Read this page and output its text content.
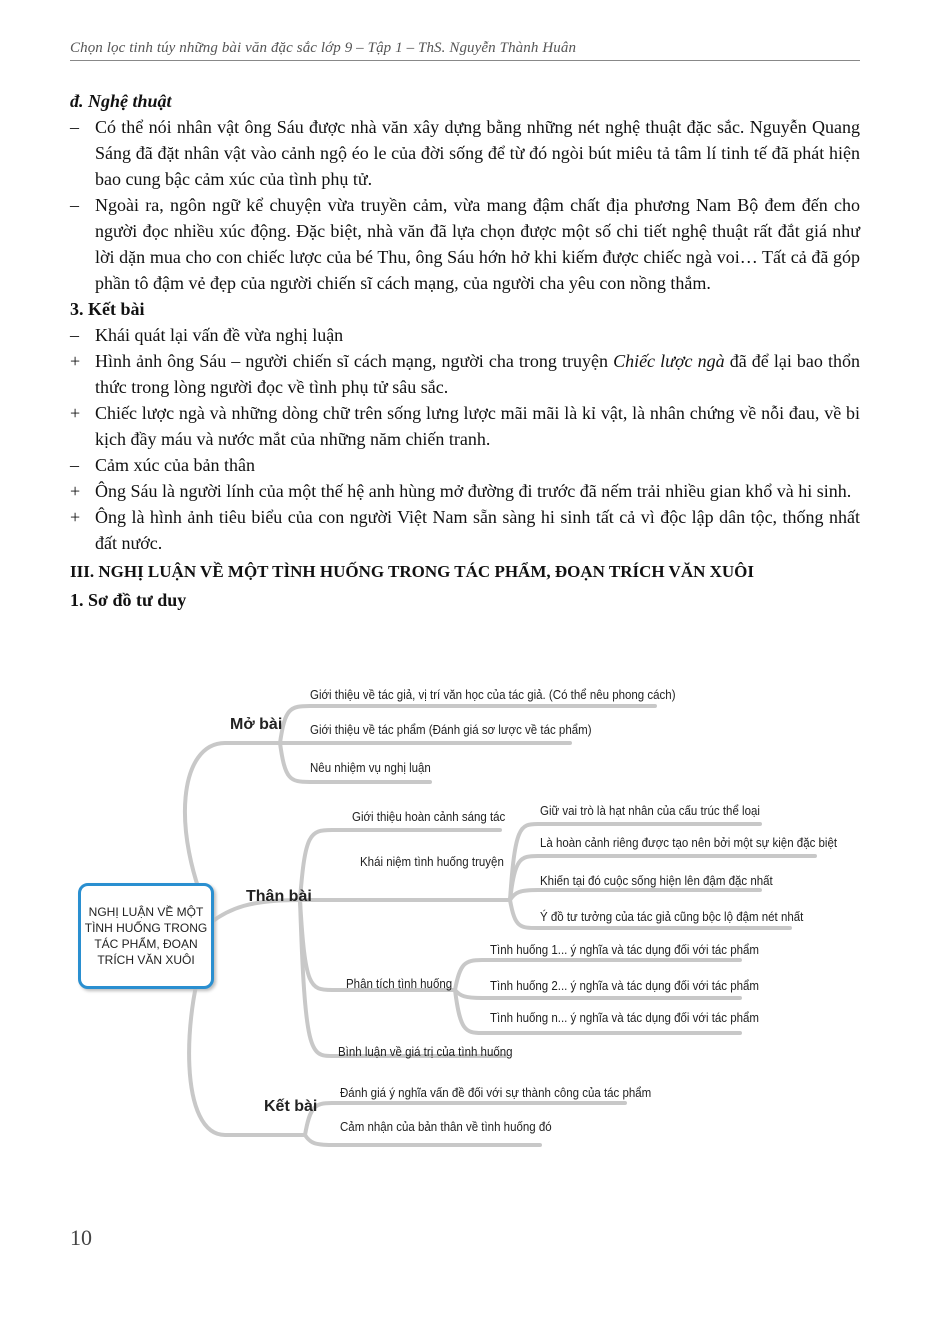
Chọn lọc tinh túy những bài văn đặc sắc lớp 9 – Tập 1 – ThS. Nguyễn Thành Huân

đ. Nghệ thuật

– Có thể nói nhân vật ông Sáu được nhà văn xây dựng bằng những nét nghệ thuật đặc sắc. Nguyễn Quang Sáng đã đặt nhân vật vào cảnh ngộ éo le của đời sống để từ đó ngòi bút miêu tả tâm lí tinh tế đã phát hiện bao cung bậc cảm xúc của tình phụ tử.

– Ngoài ra, ngôn ngữ kể chuyện vừa truyền cảm, vừa mang đậm chất địa phương Nam Bộ đem đến cho người đọc nhiều xúc động. Đặc biệt, nhà văn đã lựa chọn được một số chi tiết nghệ thuật rất đắt giá như lời dặn mua cho con chiếc lược của bé Thu, ông Sáu hớn hở khi kiếm được chiếc ngà voi… Tất cả đã góp phần tô đậm vẻ đẹp của người chiến sĩ cách mạng, của người cha yêu con nồng thắm.

3. Kết bài

– Khái quát lại vấn đề vừa nghị luận

+ Hình ảnh ông Sáu – người chiến sĩ cách mạng, người cha trong truyện Chiếc lược ngà đã để lại bao thổn thức trong lòng người đọc về tình phụ tử sâu sắc.

+ Chiếc lược ngà và những dòng chữ trên sống lưng lược mãi mãi là kỉ vật, là nhân chứng về nỗi đau, về bi kịch đầy máu và nước mắt của những năm chiến tranh.

– Cảm xúc của bản thân

+ Ông Sáu là người lính của một thế hệ anh hùng mở đường đi trước đã nếm trải nhiều gian khổ và hi sinh.

+ Ông là hình ảnh tiêu biểu của con người Việt Nam sẵn sàng hi sinh tất cả vì độc lập dân tộc, thống nhất đất nước.

III. NGHỊ LUẬN VỀ MỘT TÌNH HUỐNG TRONG TÁC PHẨM, ĐOẠN TRÍCH VĂN XUÔI

1. Sơ đồ tư duy

NGHỊ LUẬN VỀ MỘT TÌNH HUỐNG TRONG TÁC PHẨM, ĐOẠN TRÍCH VĂN XUÔI
Mở bài
Giới thiệu về tác giả, vị trí văn học của tác giả. (Có thể nêu phong cách)
Giới thiệu về tác phẩm (Đánh giá sơ lược về tác phẩm)
Nêu nhiệm vụ nghị luận
Thân bài
Giới thiệu hoàn cảnh sáng tác
Khái niệm tình huống truyện
Giữ vai trò là hạt nhân của cấu trúc thể loại
Là hoàn cảnh riêng được tạo nên bởi một sự kiện đặc biệt
Khiến tại đó cuộc sống hiện lên đậm đặc nhất
Ý đồ tư tưởng của tác giả cũng bộc lộ đậm nét nhất
Phân tích tình huống
Tình huống 1... ý nghĩa và tác dụng đối với tác phẩm
Tình huống 2... ý nghĩa và tác dụng đối với tác phẩm
Tình huống n... ý nghĩa và tác dụng đối với tác phẩm
Bình luận về giá trị của tình huống
Kết bài
Đánh giá ý nghĩa vấn đề đối với sự thành công của tác phẩm
Cảm nhận của bản thân về tình huống đó
10
